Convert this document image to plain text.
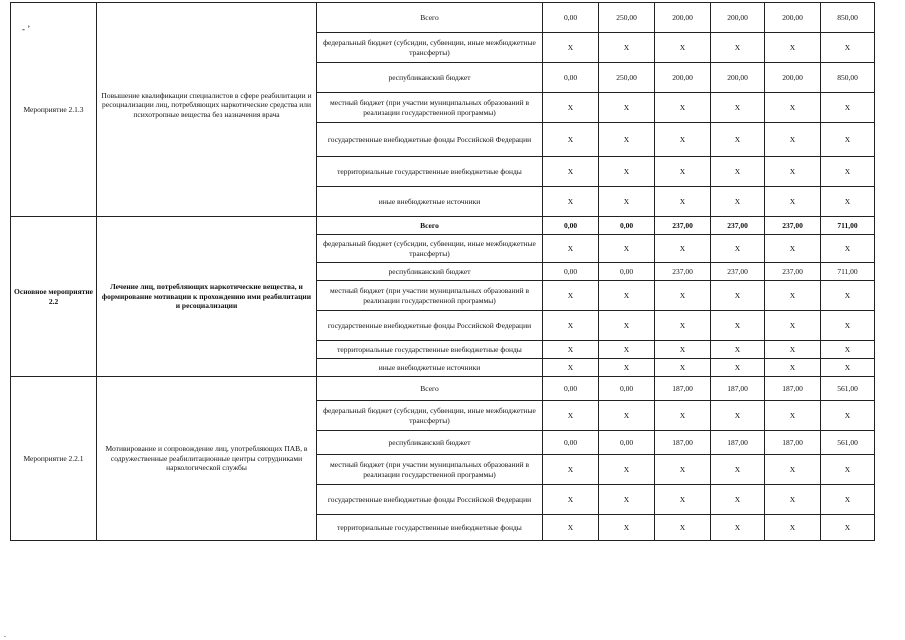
- ’
Мероприятие 2.1.3	Повышение квалификации специалистов в сфере реабилитации и ресоциализации лиц, потребляющих наркотические средства или психотропные вещества без назначения врача	Всего	0,00	250,00	200,00	200,00	200,00	850,00
		федеральный бюджет (субсидии, субвенции, иные межбюджетные трансферты)	X	X	X	X	X	X
		республиканский бюджет	0,00	250,00	200,00	200,00	200,00	850,00
		местный бюджет (при участии муниципальных образований в реализации государственной программы)	X	X	X	X	X	X
		государственные внебюджетные фонды Российской Федерации	X	X	X	X	X	X
		территориальные государственные внебюджетные фонды	X	X	X	X	X	X
		иные внебюджетные источники	X	X	X	X	X	X
Основное мероприятие 2.2	Лечение лиц, потребляющих наркотические вещества, и формирование мотивации к прохождению ими реабилитации и ресоциализации	Всего	0,00	0,00	237,00	237,00	237,00	711,00
		федеральный бюджет (субсидии, субвенции, иные межбюджетные трансферты)	X	X	X	X	X	X
		республиканский бюджет	0,00	0,00	237,00	237,00	237,00	711,00
		местный бюджет (при участии муниципальных образований в реализации государственной программы)	X	X	X	X	X	X
		государственные внебюджетные фонды Российской Федерации	X	X	X	X	X	X
		территориальные государственные внебюджетные фонды	X	X	X	X	X	X
		иные внебюджетные источники	X	X	X	X	X	X
Мероприятие 2.2.1	Мотивирование и сопровождение лиц, употребляющих ПАВ, в содружественные реабилитационные центры сотрудниками наркологической службы	Всего	0,00	0,00	187,00	187,00	187,00	561,00
		федеральный бюджет (субсидии, субвенции, иные межбюджетные трансферты)	X	X	X	X	X	X
		республиканский бюджет	0,00	0,00	187,00	187,00	187,00	561,00
		местный бюджет (при участии муниципальных образований в реализации государственной программы)	X	X	X	X	X	X
		государственные внебюджетные фонды Российской Федерации	X	X	X	X	X	X
		территориальные государственные внебюджетные фонды	X	X	X	X	X	X
.
